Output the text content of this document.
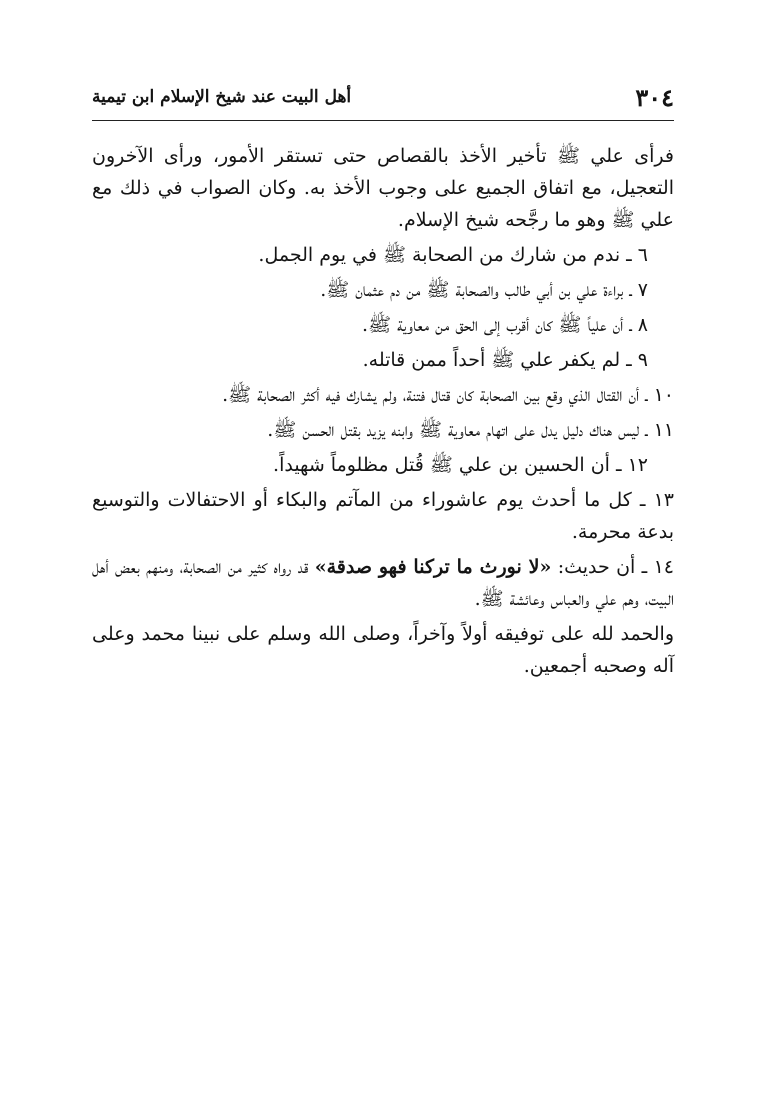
٣٠٤
أهل البيت عند شيخ الإسلام ابن تيمية

فرأى علي ﷺ تأخير الأخذ بالقصاص حتى تستقر الأمور، ورأى الآخرون التعجيل، مع اتفاق الجميع على وجوب الأخذ به. وكان الصواب في ذلك مع علي ﷺ وهو ما رجَّحه شيخ الإسلام.

٦ ـ ندم من شارك من الصحابة ﷺ في يوم الجمل.

٧ ـ براءة علي بن أبي طالب والصحابة ﷺ من دم عثمان ﷺ.

٨ ـ أن علياً ﷺ كان أقرب إلى الحق من معاوية ﷺ.

٩ ـ لم يكفر علي ﷺ أحداً ممن قاتله.

١٠ ـ أن القتال الذي وقع بين الصحابة كان قتال فتنة، ولم يشارك فيه أكثر الصحابة ﷺ.

١١ ـ ليس هناك دليل يدل على اتهام معاوية ﷺ وابنه يزيد بقتل الحسن ﷺ.

١٢ ـ أن الحسين بن علي ﷺ قُتل مظلوماً شهيداً.

١٣ ـ كل ما أحدث يوم عاشوراء من المآتم والبكاء أو الاحتفالات والتوسيع بدعة محرمة.

١٤ ـ أن حديث: «لا نورث ما تركنا فهو صدقة» قد رواه كثير من الصحابة، ومنهم بعض أهل البيت، وهم علي والعباس وعائشة ﷺ.

والحمد لله على توفيقه أولاً وآخراً، وصلى الله وسلم على نبينا محمد وعلى آله وصحبه أجمعين.
